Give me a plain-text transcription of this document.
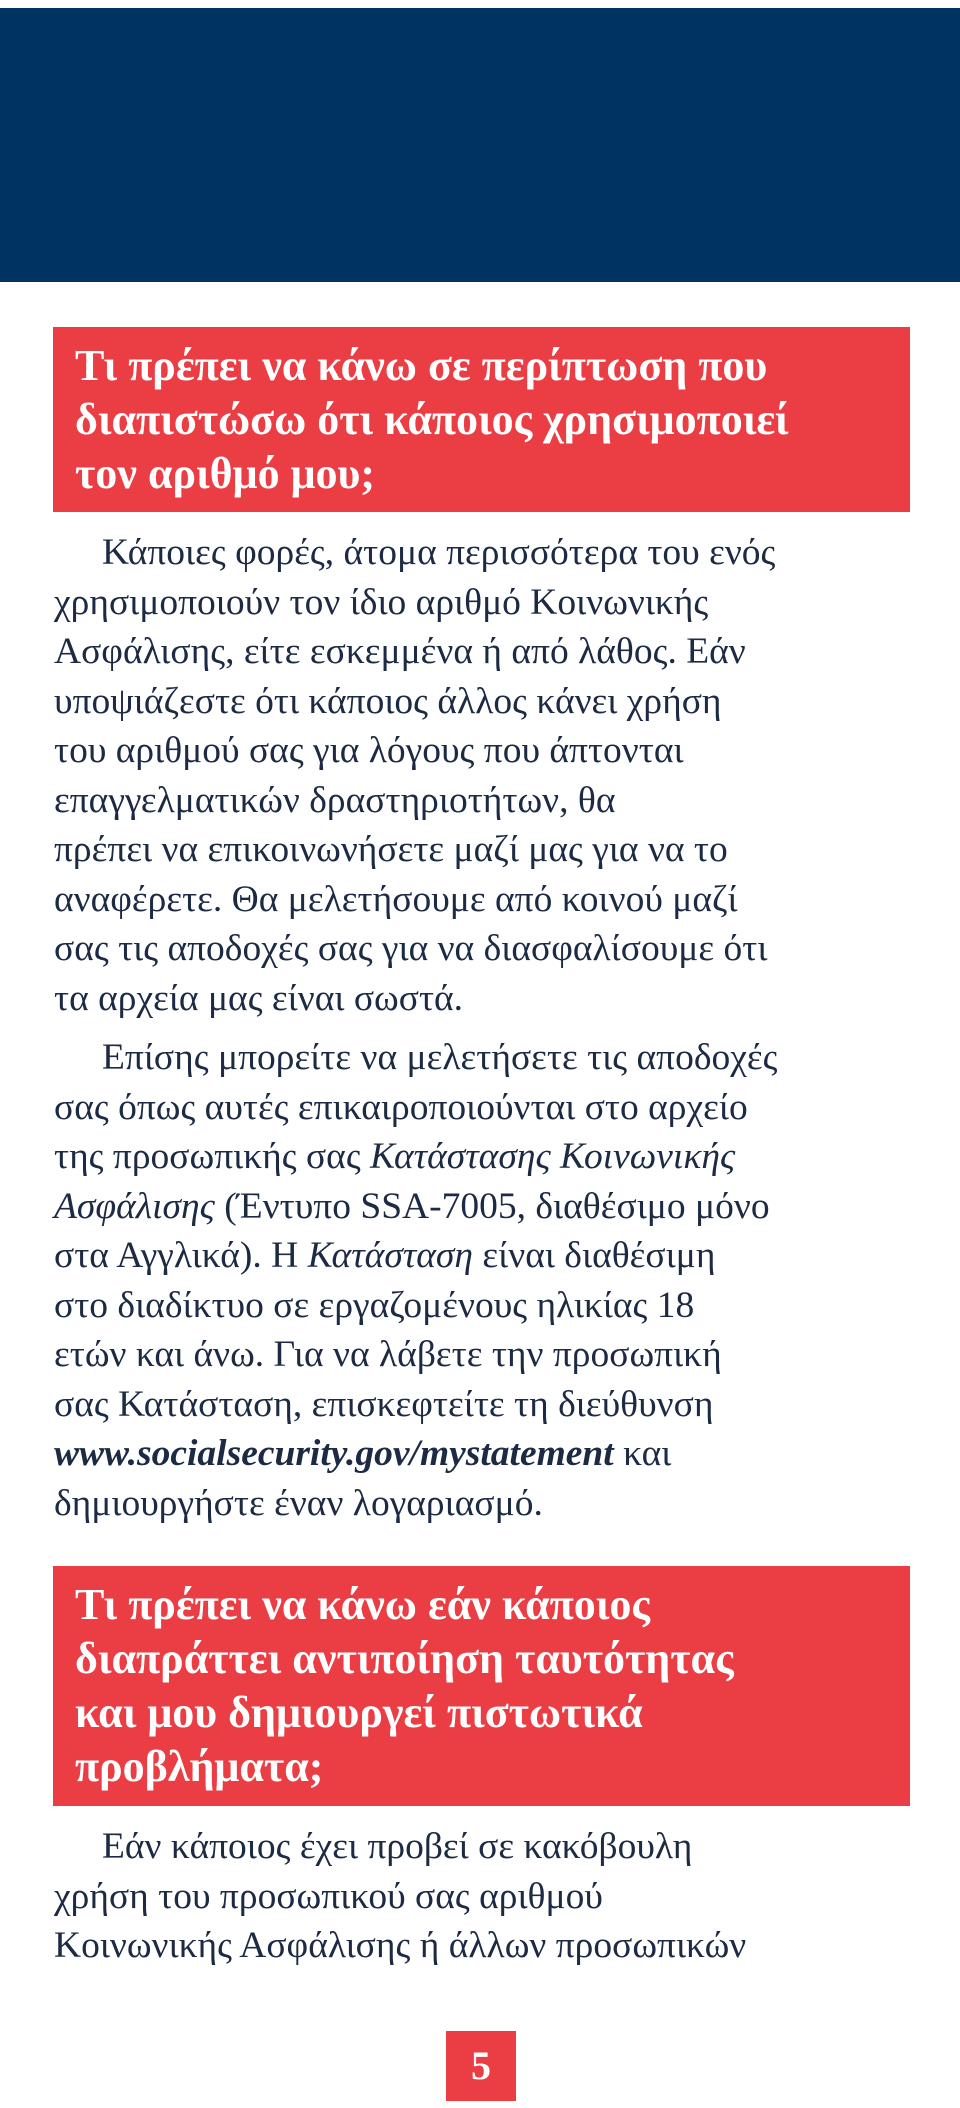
Τι πρέπει να κάνω σε περίπτωση που
διαπιστώσω ότι κάποιος χρησιμοποιεί
τον αριθμό μου;
Κάποιες φορές, άτομα περισσότερα του ενός
χρησιμοποιούν τον ίδιο αριθμό Κοινωνικής
Ασφάλισης, είτε εσκεμμένα ή από λάθος. Εάν
υποψιάζεστε ότι κάποιος άλλος κάνει χρήση
του αριθμού σας για λόγους που άπτονται
επαγγελματικών δραστηριοτήτων, θα
πρέπει να επικοινωνήσετε μαζί μας για να το
αναφέρετε. Θα μελετήσουμε από κοινού μαζί
σας τις αποδοχές σας για να διασφαλίσουμε ότι
τα αρχεία μας είναι σωστά.
Επίσης μπορείτε να μελετήσετε τις αποδοχές
σας όπως αυτές επικαιροποιούνται στο αρχείο
της προσωπικής σας Κατάστασης Κοινωνικής
Ασφάλισης (Έντυπο SSA-7005, διαθέσιμο μόνο
στα Αγγλικά). Η Κατάσταση είναι διαθέσιμη
στο διαδίκτυο σε εργαζομένους ηλικίας 18
ετών και άνω. Για να λάβετε την προσωπική
σας Κατάσταση, επισκεφτείτε τη διεύθυνση
www.socialsecurity.gov/mystatement και
δημιουργήστε έναν λογαριασμό.
Τι πρέπει να κάνω εάν κάποιος
διαπράττει αντιποίηση ταυτότητας
και μου δημιουργεί πιστωτικά
προβλήματα;
Εάν κάποιος έχει προβεί σε κακόβουλη
χρήση του προσωπικού σας αριθμού
Κοινωνικής Ασφάλισης ή άλλων προσωπικών
5
